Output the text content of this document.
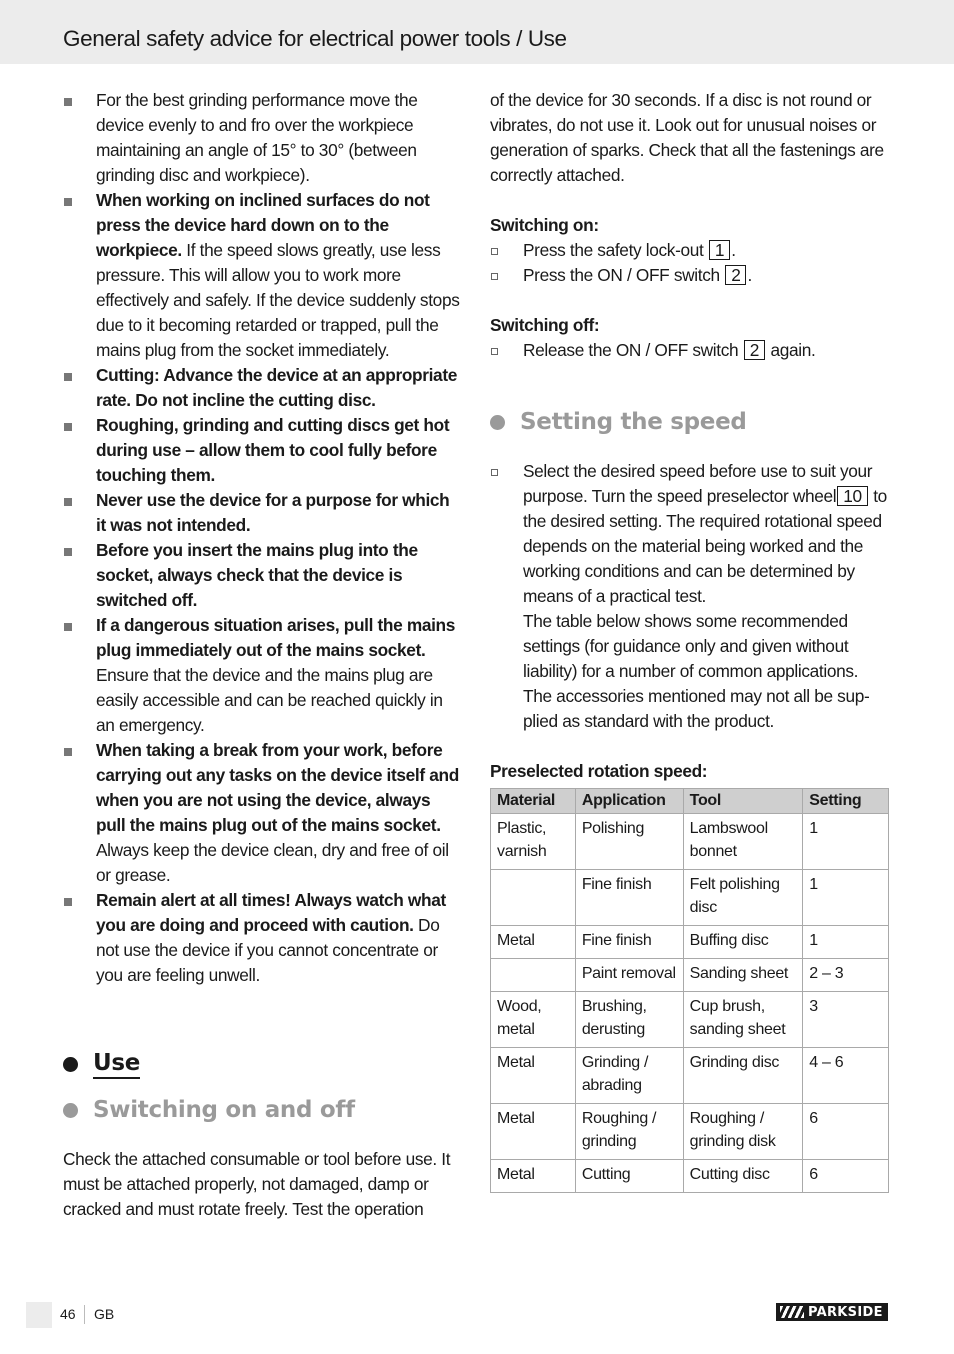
General safety advice for electrical power tools / Use
For the best grinding performance move the device evenly to and fro over the workpiece maintaining an angle of 15° to 30° (between grinding disc and workpiece).
When working on inclined surfaces do not press the device hard down on to the workpiece. If the speed slows greatly, use less pressure. This will allow you to work more effectively and safely. If the device suddenly stops due to it becoming retarded or trapped, pull the mains plug from the socket immediately.
Cutting: Advance the device at an appropriate rate. Do not incline the cutting disc.
Roughing, grinding and cutting discs get hot during use – allow them to cool fully before touching them.
Never use the device for a purpose for which it was not intended.
Before you insert the mains plug into the socket, always check that the device is switched off.
If a dangerous situation arises, pull the mains plug immediately out of the mains socket. Ensure that the device and the mains plug are easily accessible and can be reached quickly in an emergency.
When taking a break from your work, before carrying out any tasks on the device itself and when you are not using the device, always pull the mains plug out of the mains socket. Always keep the device clean, dry and free of oil or grease.
Remain alert at all times! Always watch what you are doing and proceed with caution. Do not use the device if you cannot concentrate or you are feeling unwell.
Use
Switching on and off
Check the attached consumable or tool before use. It must be attached properly, not damaged, damp or cracked and must rotate freely. Test the operation
of the device for 30 seconds. If a disc is not round or vibrates, do not use it. Look out for unusual noises or generation of sparks. Check that all the fastenings are correctly attached.
Switching on:
Press the safety lock-out 1 .
Press the ON / OFF switch 2 .
Switching off:
Release the ON / OFF switch 2 again.
Setting the speed
Select the desired speed before use to suit your purpose. Turn the speed preselector wheel 10 to the desired setting. The required rotational speed depends on the material being worked and the working conditions and can be determined by means of a practical test.
The table below shows some recommended settings (for guidance only and given without liability) for a number of common applications. The accessories mentioned may not all be supplied as standard with the product.
Preselected rotation speed:
Material	Application	Tool	Setting
Plastic, varnish	Polishing	Lambswool bonnet	1
	Fine finish	Felt polishing disc	1
Metal	Fine finish	Buffing disc	1
	Paint removal	Sanding sheet	2 – 3
Wood, metal	Brushing, derusting	Cup brush, sanding sheet	3
Metal	Grinding / abrading	Grinding disc	4 – 6
Metal	Roughing / grinding	Roughing / grinding disk	6
Metal	Cutting	Cutting disc	6
46 GB	PARKSIDE
